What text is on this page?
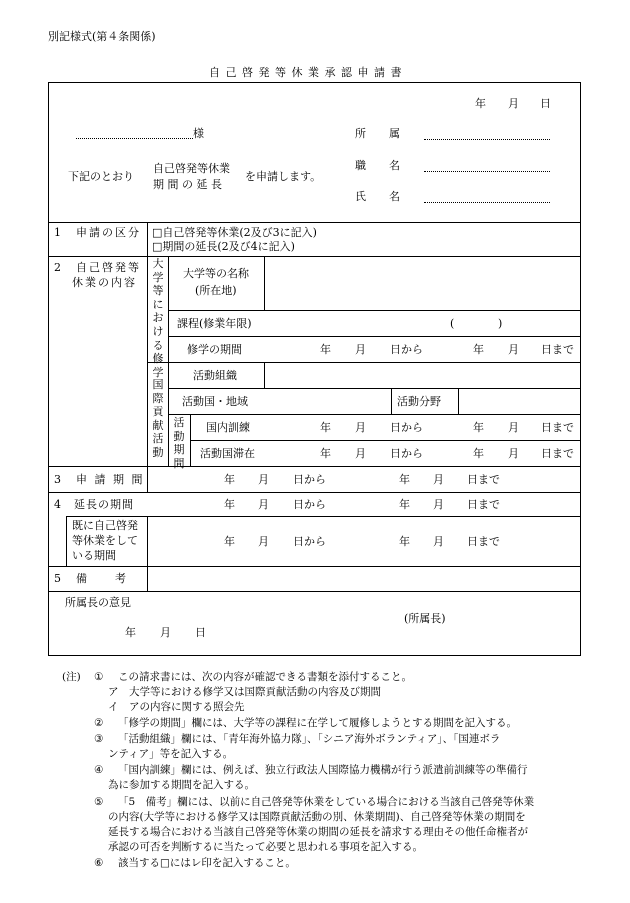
別記様式(第４条関係)
自 己 啓 発 等 休 業 承 認 申 請 書
年 月 日
様	所　属
職　名
氏　名
下記のとおり
自己啓発等休業
期 間 の 延 長
を申請します。
1　申請の区分 □自己啓発等休業(2及び3に記入)
□期間の延長(2及び4に記入)
2　自己啓発等
休業の内容
大学等における修学
大学等の名称
(所在地)
課程(修業年限)	(	)
修学の期間	年 月 日から	年 月 日まで
国際貢献活動
活動組織
活動国・地域	活動分野
活動期間
国内訓練	年 月 日から	年 月 日まで
活動国滞在	年 月 日から	年 月 日まで
3　申 請 期 間	年 月 日から	年 月 日まで
4　延長の期間	年 月 日から	年 月 日まで
既に自己啓発
等休業をして
いる期間
年 月 日から	年 月 日まで
5　備　　考
所属長の意見
(所属長)
年 月 日
(注) ① この請求書には、次の内容が確認できる書類を添付すること。
ア　大学等における修学又は国際貢献活動の内容及び期間
イ　アの内容に関する照会先
② 「修学の期間」欄には、大学等の課程に在学して履修しようとする期間を記入する。
③ 「活動組織」欄には、「青年海外協力隊」、「シニア海外ボランティア」、「国連ボラ
ンティア」等を記入する。
④ 「国内訓練」欄には、例えば、独立行政法人国際協力機構が行う派遣前訓練等の準備行
為に参加する期間を記入する。
⑤ 「5　備考」欄には、以前に自己啓発等休業をしている場合における当該自己啓発等休業
の内容(大学等における修学又は国際貢献活動の別、休業期間)、自己啓発等休業の期間を
延長する場合における当該自己啓発等休業の期間の延長を請求する理由その他任命権者が
承認の可否を判断するに当たって必要と思われる事項を記入する。
⑥ 該当する□にはレ印を記入すること。
